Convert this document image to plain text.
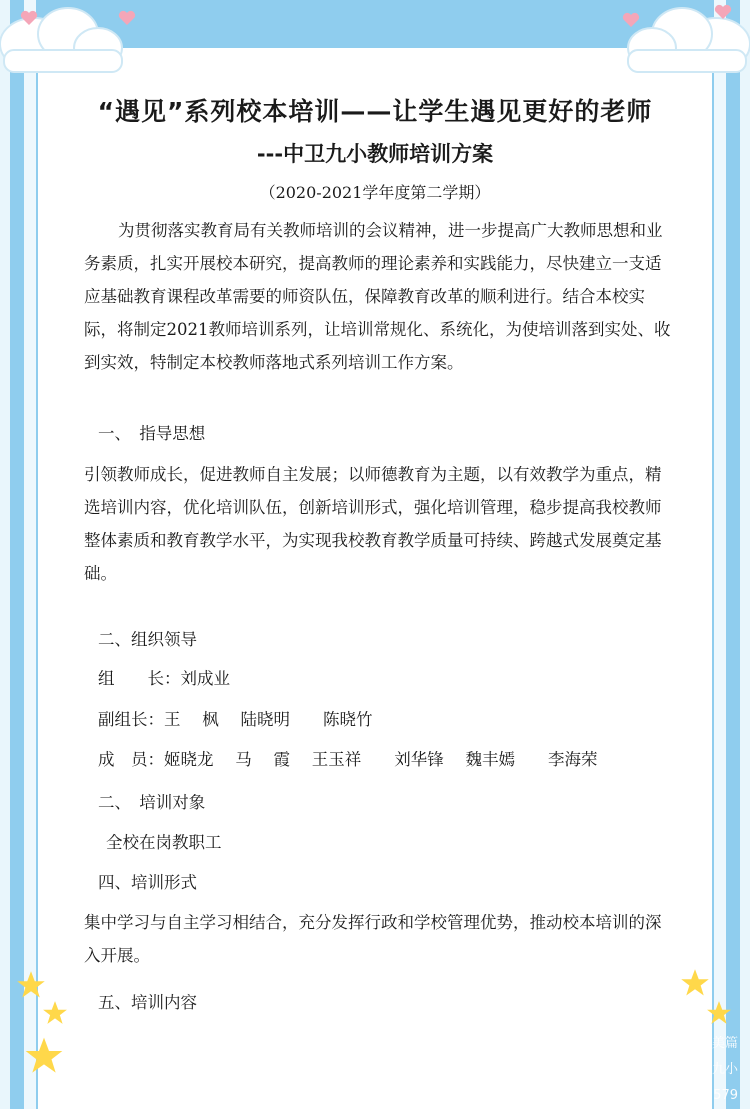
“遇见”系列校本培训——让学生遇见更好的老师
---中卫九小教师培训方案
（2020-2021学年度第二学期）
为贯彻落实教育局有关教师培训的会议精神，进一步提高广大教师思想和业务素质，扎实开展校本研究，提高教师的理论素养和实践能力，尽快建立一支适应基础教育课程改革需要的师资队伍，保障教育改革的顺利进行。结合本校实际，将制定2021教师培训系列，让培训常规化、系统化，为使培训落到实处、收到实效，特制定本校教师落地式系列培训工作方案。
一、　指导思想
引领教师成长，促进教师自主发展；以师德教育为主题，以有效教学为重点，精选培训内容，优化培训队伍，创新培训形式，强化培训管理，稳步提高我校教师整体素质和教育教学水平，为实现我校教育教学质量可持续、跨越式发展奠定基础。
二、组织领导
组　　长：刘成业
副组长：王　 枫　 陆晓明　　陈晓竹
成　员：姬晓龙　 马　 霞　 王玉祥　　刘华锋　 魏丰嫣　　李海荣
二、　培训对象
全校在岗教职工
四、培训形式
集中学习与自主学习相结合，充分发挥行政和学校管理优势，推动校本培训的深入开展。
五、培训内容
美篇
@中卫九小
美篇号: 19082579
